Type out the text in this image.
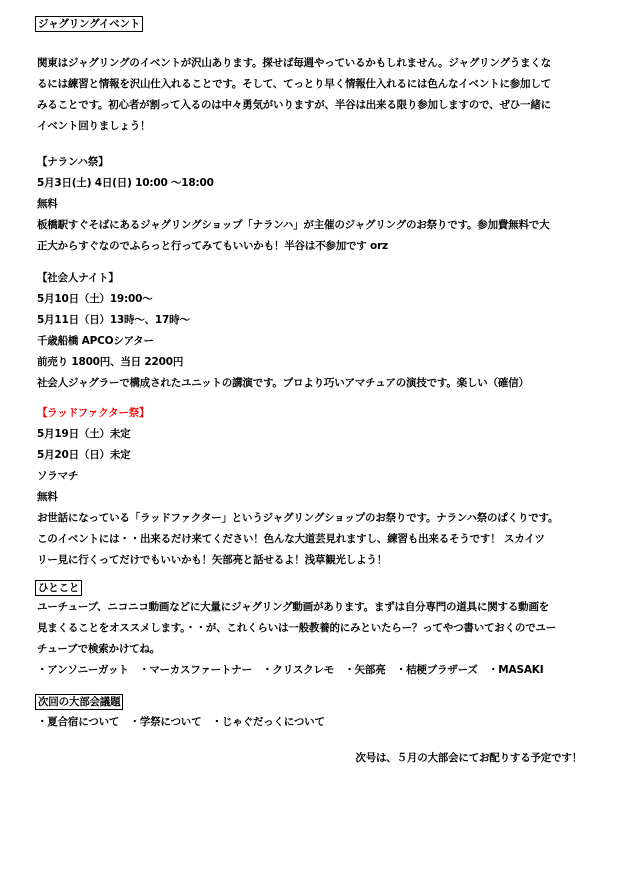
ジャグリングイベント
関東はジャグリングのイベントが沢山あります。探せば毎週やっているかもしれません。ジャグリングうまくな
るには練習と情報を沢山仕入れることです。そして、てっとり早く情報仕入れるには色んなイベントに参加して
みることです。初心者が割って入るのは中々勇気がいりますが、半谷は出来る限り参加しますので、ぜひ一緒に
イベント回りましょう！
【ナランハ祭】
5月3日(土) 4日(日) 10:00 〜18:00
無料
板橋駅すぐそばにあるジャグリングショップ「ナランハ」が主催のジャグリングのお祭りです。参加費無料で大
正大からすぐなのでふらっと行ってみてもいいかも！半谷は不参加です orz
【社会人ナイト】
5月10日（土）19:00〜
5月11日（日）13時〜、17時〜
千歳船橋 APCOシアター
前売り 1800円、当日 2200円
社会人ジャグラーで構成されたユニットの講演です。プロより巧いアマチュアの演技です。楽しい（確信）
【ラッドファクター祭】
5月19日（土）未定
5月20日（日）未定
ソラマチ
無料
お世話になっている「ラッドファクター」というジャグリングショップのお祭りです。ナランハ祭のぱくりです。
このイベントには・・出来るだけ来てください！色んな大道芸見れますし、練習も出来るそうです！ スカイツ
リー見に行くってだけでもいいかも！矢部亮と話せるよ！浅草観光しよう！
ひとこと
ユーチューブ、ニコニコ動画などに大量にジャグリング動画があります。まずは自分専門の道具に関する動画を
見まくることをオススメします。・・が、これくらいは一般教養的にみといたらー？ってやつ書いておくのでユー
チューブで検索かけてね。
・アンソニーガット　・マーカスファートナー　・クリスクレモ　・矢部亮　・桔梗ブラザーズ　・MASAKI
次回の大部会議題
・夏合宿について　・学祭について　・じゃぐだっくについて
次号は、５月の大部会にてお配りする予定です！
